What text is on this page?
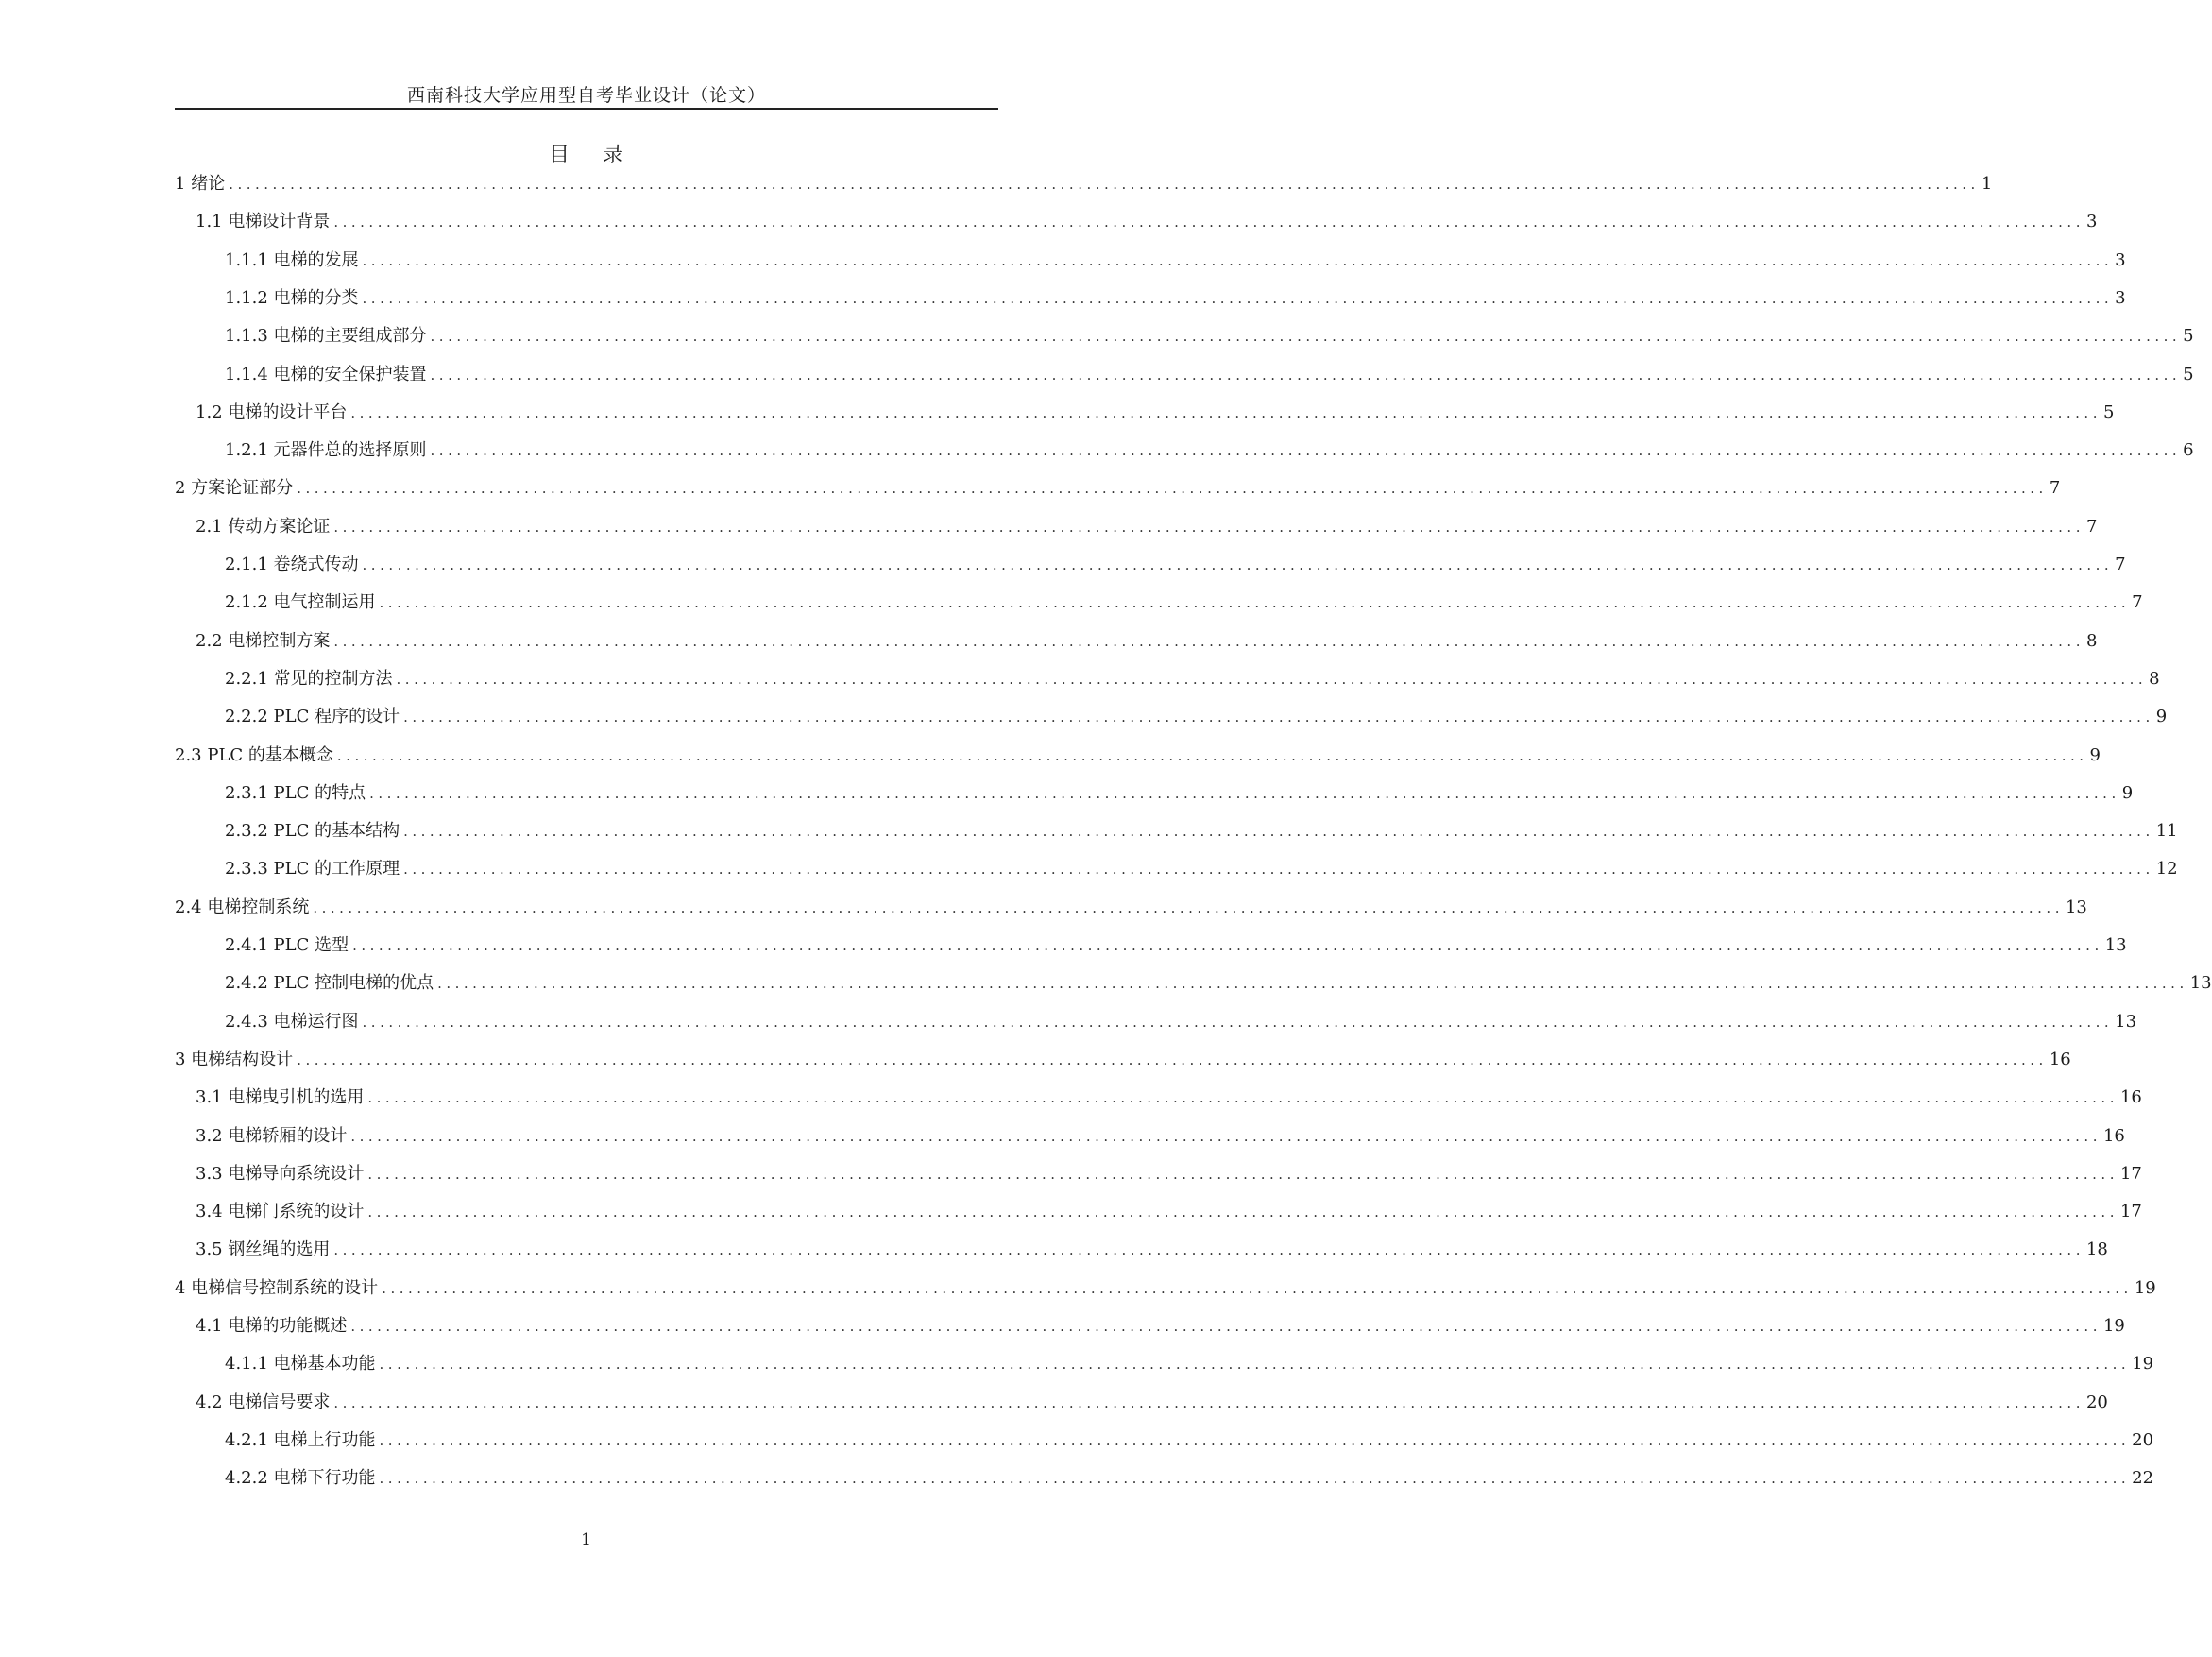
西南科技大学应用型自考毕业设计（论文）
目 录
1 绪论 ........................................................................................................................................................................................................ 1
1.1 电梯设计背景 ........................................................................................................................................................................................................ 3
1.1.1 电梯的发展 ........................................................................................................................................................................................................ 3
1.1.2 电梯的分类 ........................................................................................................................................................................................................ 3
1.1.3 电梯的主要组成部分 ........................................................................................................................................................................................................ 5
1.1.4 电梯的安全保护装置 ........................................................................................................................................................................................................ 5
1.2 电梯的设计平台 ........................................................................................................................................................................................................ 5
1.2.1 元器件总的选择原则 ........................................................................................................................................................................................................ 6
2 方案论证部分 ........................................................................................................................................................................................................ 7
2.1 传动方案论证 ........................................................................................................................................................................................................ 7
2.1.1 卷绕式传动 ........................................................................................................................................................................................................ 7
2.1.2 电气控制运用 ........................................................................................................................................................................................................ 7
2.2 电梯控制方案 ........................................................................................................................................................................................................ 8
2.2.1 常见的控制方法 ........................................................................................................................................................................................................ 8
2.2.2 PLC 程序的设计 ........................................................................................................................................................................................................ 9
2.3 PLC 的基本概念 ........................................................................................................................................................................................................ 9
2.3.1 PLC 的特点 ........................................................................................................................................................................................................ 9
2.3.2 PLC 的基本结构 ........................................................................................................................................................................................................ 11
2.3.3 PLC 的工作原理 ........................................................................................................................................................................................................ 12
2.4 电梯控制系统 ........................................................................................................................................................................................................ 13
2.4.1 PLC 选型 ........................................................................................................................................................................................................ 13
2.4.2 PLC 控制电梯的优点 ........................................................................................................................................................................................................ 13
2.4.3 电梯运行图 ........................................................................................................................................................................................................ 13
3 电梯结构设计 ........................................................................................................................................................................................................ 16
3.1 电梯曳引机的选用 ........................................................................................................................................................................................................ 16
3.2 电梯轿厢的设计 ........................................................................................................................................................................................................ 16
3.3 电梯导向系统设计 ........................................................................................................................................................................................................ 17
3.4 电梯门系统的设计 ........................................................................................................................................................................................................ 17
3.5 钢丝绳的选用 ........................................................................................................................................................................................................ 18
4 电梯信号控制系统的设计 ........................................................................................................................................................................................................ 19
4.1 电梯的功能概述 ........................................................................................................................................................................................................ 19
4.1.1 电梯基本功能 ........................................................................................................................................................................................................ 19
4.2 电梯信号要求 ........................................................................................................................................................................................................ 20
4.2.1 电梯上行功能 ........................................................................................................................................................................................................ 20
4.2.2 电梯下行功能 ........................................................................................................................................................................................................ 22
1
